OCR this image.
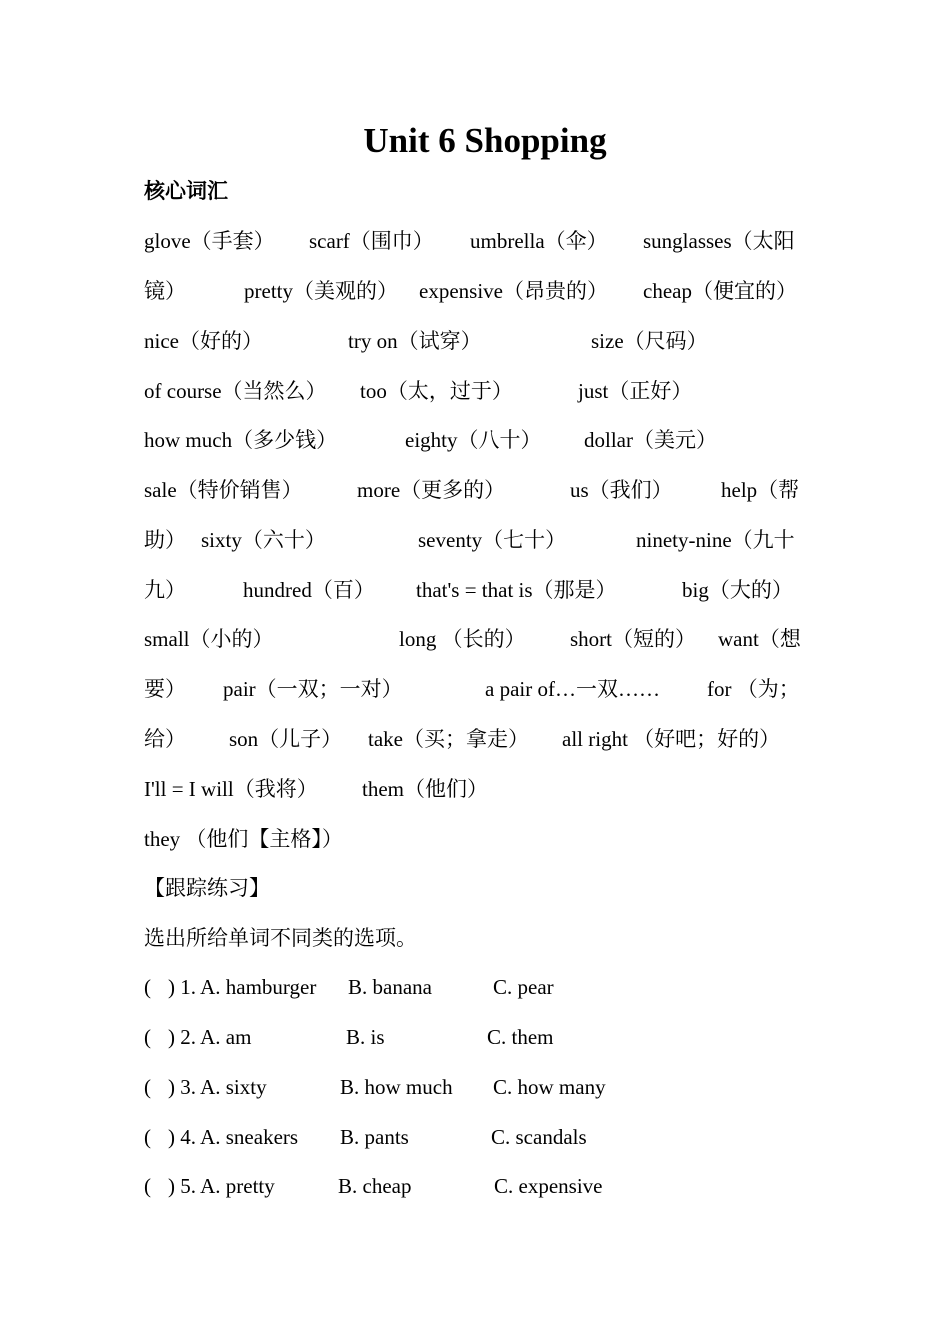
Unit 6 Shopping
核心词汇
glove（手套） scarf（围巾） umbrella（伞） sunglasses（太阳
镜）	pretty（美观的） expensive（昂贵的） cheap（便宜的）
nice（好的）	try on（试穿）	size（尺码）
of course（当然么） too（太，过于）	just（正好）
how much（多少钱）	eighty（八十） dollar（美元）
sale（特价销售）	more（更多的）	us（我们） help（帮
助） sixty（六十）	seventy（七十）	ninety-nine（九十
九）	hundred（百） that's = that is（那是）	big（大的）
small（小的）	long （长的） short（短的） want（想
要） pair（一双；一对）	a pair of…一双…… for （为；
给） son（儿子） take（买；拿走） all right （好吧；好的）
I'll = I will（我将） them（他们）
they （他们【主格】）
【跟踪练习】
选出所给单词不同类的选项。
( ) 1. A. hamburger B. banana	C. pear
( ) 2. A. am	B. is	C. them
( ) 3. A. sixty	B. how much C. how many
( ) 4. A. sneakers B. pants	C. scandals
( ) 5. A. pretty	B. cheap	C. expensive
